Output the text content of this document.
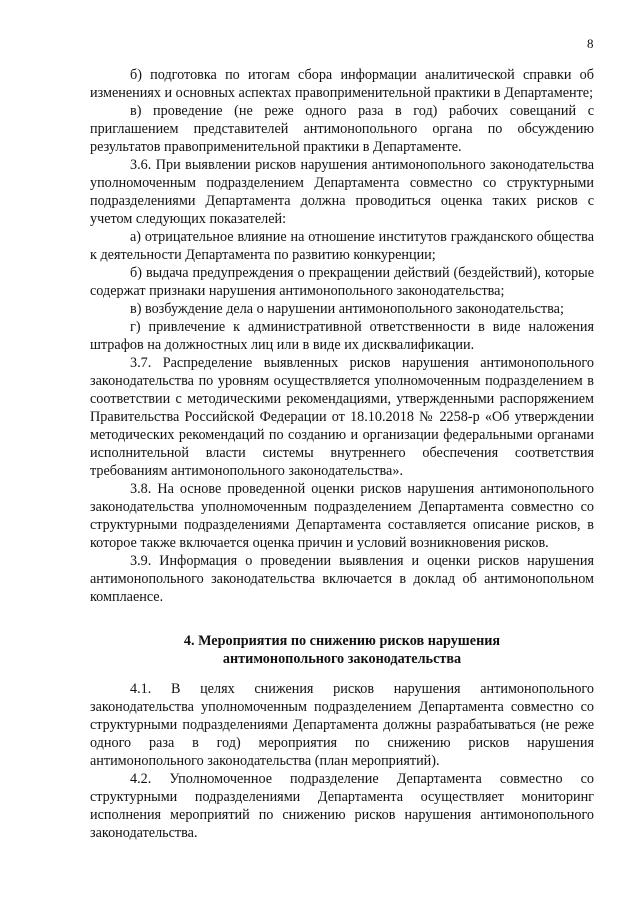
8

б) подготовка по итогам сбора информации аналитической справки об изменениях и основных аспектах правоприменительной практики в Департаменте;

в) проведение (не реже одного раза в год) рабочих совещаний с приглашением представителей антимонопольного органа по обсуждению результатов правоприменительной практики в Департаменте.

3.6. При выявлении рисков нарушения антимонопольного законодательства уполномоченным подразделением Департамента совместно со структурными подразделениями Департамента должна проводиться оценка таких рисков с учетом следующих показателей:

а) отрицательное влияние на отношение институтов гражданского общества к деятельности Департамента по развитию конкуренции;

б) выдача предупреждения о прекращении действий (бездействий), которые содержат признаки нарушения антимонопольного законодательства;

в) возбуждение дела о нарушении антимонопольного законодательства;

г) привлечение к административной ответственности в виде наложения штрафов на должностных лиц или в виде их дисквалификации.

3.7. Распределение выявленных рисков нарушения антимонопольного законодательства по уровням осуществляется уполномоченным подразделением в соответствии с методическими рекомендациями, утвержденными распоряжением Правительства Российской Федерации от 18.10.2018 № 2258-р «Об утверждении методических рекомендаций по созданию и организации федеральными органами исполнительной власти системы внутреннего обеспечения соответствия требованиям антимонопольного законодательства».

3.8. На основе проведенной оценки рисков нарушения антимонопольного законодательства уполномоченным подразделением Департамента совместно со структурными подразделениями Департамента составляется описание рисков, в которое также включается оценка причин и условий возникновения рисков.

3.9. Информация о проведении выявления и оценки рисков нарушения антимонопольного законодательства включается в доклад об антимонопольном комплаенсе.

4. Мероприятия по снижению рисков нарушения
антимонопольного законодательства

4.1. В целях снижения рисков нарушения антимонопольного законодательства уполномоченным подразделением Департамента совместно со структурными подразделениями Департамента должны разрабатываться (не реже одного раза в год) мероприятия по снижению рисков нарушения антимонопольного законодательства (план мероприятий).

4.2. Уполномоченное подразделение Департамента совместно со структурными подразделениями Департамента осуществляет мониторинг исполнения мероприятий по снижению рисков нарушения антимонопольного законодательства.
